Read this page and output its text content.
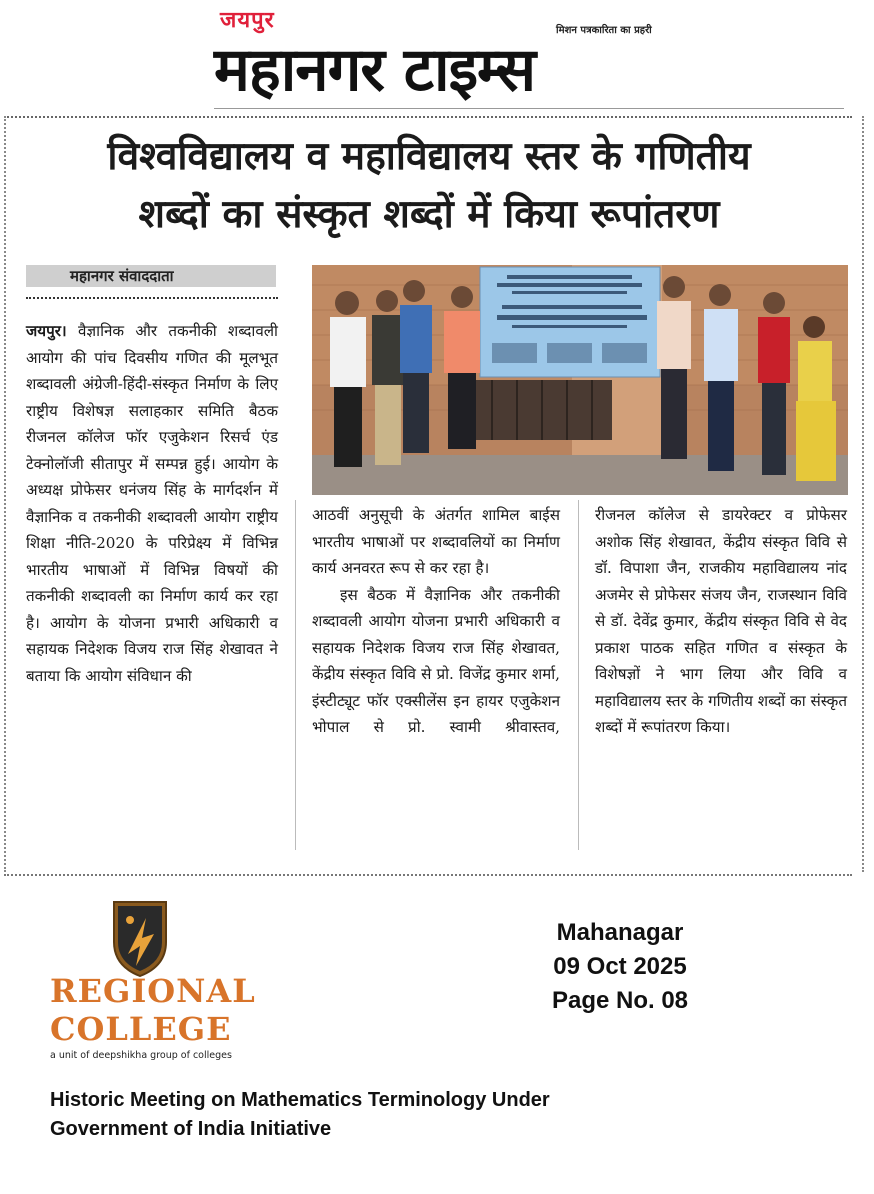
जयपुर	मिशन पत्रकारिता का प्रहरी
महानगर टाइम्स
विश्वविद्यालय व महाविद्यालय स्तर के गणितीय
शब्दों का संस्कृत शब्दों में किया रूपांतरण
महानगर संवाददाता

जयपुर। वैज्ञानिक और तकनीकी शब्दावली आयोग की पांच दिवसीय गणित की मूलभूत शब्दावली अंग्रेजी-हिंदी-संस्कृत निर्माण के लिए राष्ट्रीय विशेषज्ञ सलाहकार समिति बैठक रीजनल कॉलेज फॉर एजुकेशन रिसर्च एंड टेक्नोलॉजी सीतापुर में सम्पन्न हुई। आयोग के अध्यक्ष प्रोफेसर धनंजय सिंह के मार्गदर्शन में वैज्ञानिक व तकनीकी शब्दावली आयोग राष्ट्रीय शिक्षा नीति-2020 के परिप्रेक्ष्य में विभिन्न भारतीय भाषाओं में विभिन्न विषयों की तकनीकी शब्दावली का निर्माण कार्य कर रहा है। आयोग के योजना प्रभारी अधिकारी व सहायक निदेशक विजय राज सिंह शेखावत ने बताया कि आयोग संविधान की

आठवीं अनुसूची के अंतर्गत शामिल बाईस भारतीय भाषाओं पर शब्दावलियों का निर्माण कार्य अनवरत रूप से कर रहा है।

इस बैठक में वैज्ञानिक और तकनीकी शब्दावली आयोग योजना प्रभारी अधिकारी व सहायक निदेशक विजय राज सिंह शेखावत, केंद्रीय संस्कृत विवि से प्रो. विजेंद्र कुमार शर्मा, इंस्टीट्यूट फॉर एक्सीलेंस इन हायर एजुकेशन भोपाल से प्रो. स्वामी श्रीवास्तव,

रीजनल कॉलेज से डायरेक्टर व प्रोफेसर अशोक सिंह शेखावत, केंद्रीय संस्कृत विवि से डॉ. विपाशा जैन, राजकीय महाविद्यालय नांद अजमेर से प्रोफेसर संजय जैन, राजस्थान विवि से डॉ. देवेंद्र कुमार, केंद्रीय संस्कृत विवि से वेद प्रकाश पाठक सहित गणित व संस्कृत के विशेषज्ञों ने भाग लिया और विवि व महाविद्यालय स्तर के गणितीय शब्दों का संस्कृत शब्दों में रूपांतरण किया।

REGIONAL
COLLEGE
a unit of deepshikha group of colleges
Mahanagar
09 Oct 2025
Page No. 08
Historic Meeting on Mathematics Terminology Under Government of India Initiative
